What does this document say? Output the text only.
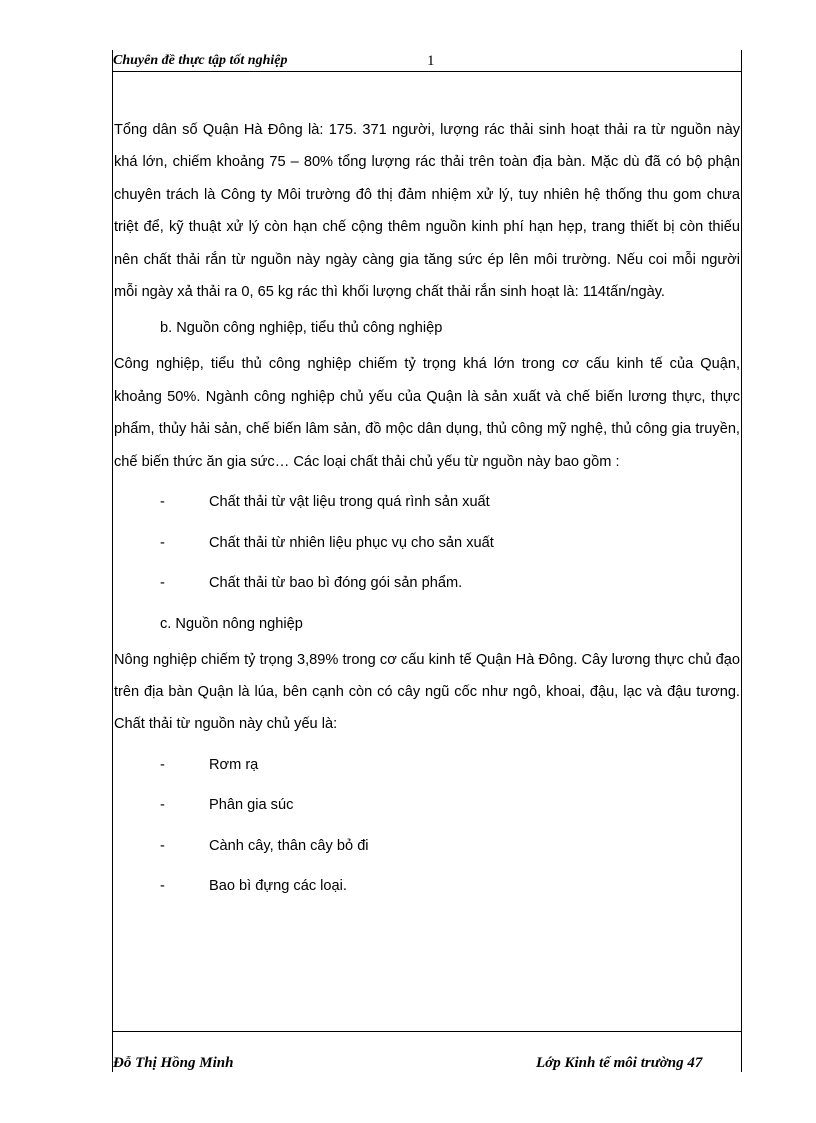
Chuyên đề thực tập tốt nghiệp	1

Tổng dân số Quận Hà Đông là: 175. 371 người, lượng rác thải sinh hoạt thải ra từ nguồn này khá lớn, chiếm khoảng 75 – 80% tổng lượng rác thải trên toàn địa bàn. Mặc dù đã có bộ phận chuyên trách là Công ty Môi trường đô thị đảm nhiệm xử lý, tuy nhiên hệ thống thu gom chưa triệt để, kỹ thuật xử lý còn hạn chế cộng thêm nguồn kinh phí hạn hẹp, trang thiết bị còn thiếu nên chất thải rắn từ nguồn này ngày càng gia tăng sức ép lên môi trường. Nếu coi mỗi người mỗi ngày xả thải ra 0, 65 kg rác thì khối lượng chất thải rắn sinh hoạt là: 114tấn/ngày.

b. Nguồn công nghiệp, tiểu thủ công nghiệp

Công nghiệp, tiểu thủ công nghiệp chiếm tỷ trọng khá lớn trong cơ cấu kinh tế của Quận, khoảng 50%. Ngành công nghiệp chủ yếu của Quận là sản xuất và chế biến lương thực, thực phẩm, thủy hải sản, chế biến lâm sản, đồ mộc dân dụng, thủ công mỹ nghệ, thủ công gia truyền, chế biến thức ăn gia sức… Các loại chất thải chủ yếu từ nguồn này bao gồm :

-	Chất thải từ vật liệu trong quá rình sản xuất
-	Chất thải từ nhiên liệu phục vụ cho sản xuất
-	Chất thải từ bao bì đóng gói sản phẩm.

c. Nguồn nông nghiệp

Nông nghiệp chiếm tỷ trọng 3,89% trong cơ cấu kinh tế Quận Hà Đông. Cây lương thực chủ đạo trên địa bàn Quận là lúa, bên cạnh còn có cây ngũ cốc như ngô, khoai, đậu, lạc và đậu tương. Chất thải từ nguồn này chủ yếu là:

-	Rơm rạ
-	Phân gia súc
-	Cành cây, thân cây bỏ đi
-	Bao bì đựng các loại.
Đỗ Thị Hồng Minh	Lớp Kinh tế môi trường 47
